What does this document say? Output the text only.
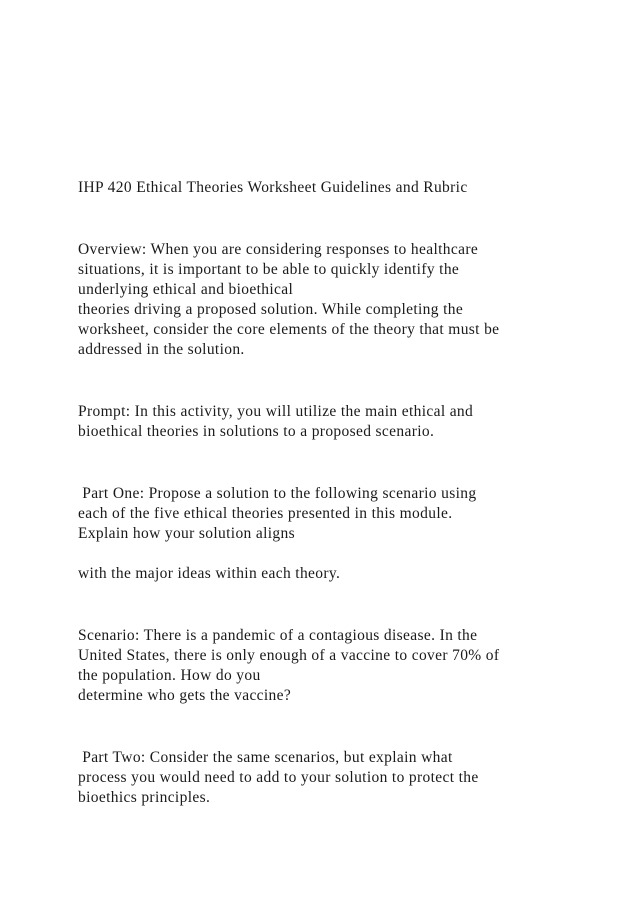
IHP 420 Ethical Theories Worksheet Guidelines and Rubric
Overview: When you are considering responses to healthcare
situations, it is important to be able to quickly identify the
underlying ethical and bioethical
theories driving a proposed solution. While completing the
worksheet, consider the core elements of the theory that must be
addressed in the solution.
Prompt: In this activity, you will utilize the main ethical and
bioethical theories in solutions to a proposed scenario.
Part One: Propose a solution to the following scenario using
each of the five ethical theories presented in this module.
Explain how your solution aligns
with the major ideas within each theory.
Scenario: There is a pandemic of a contagious disease. In the
United States, there is only enough of a vaccine to cover 70% of
the population. How do you
determine who gets the vaccine?
Part Two: Consider the same scenarios, but explain what
process you would need to add to your solution to protect the
bioethics principles.
